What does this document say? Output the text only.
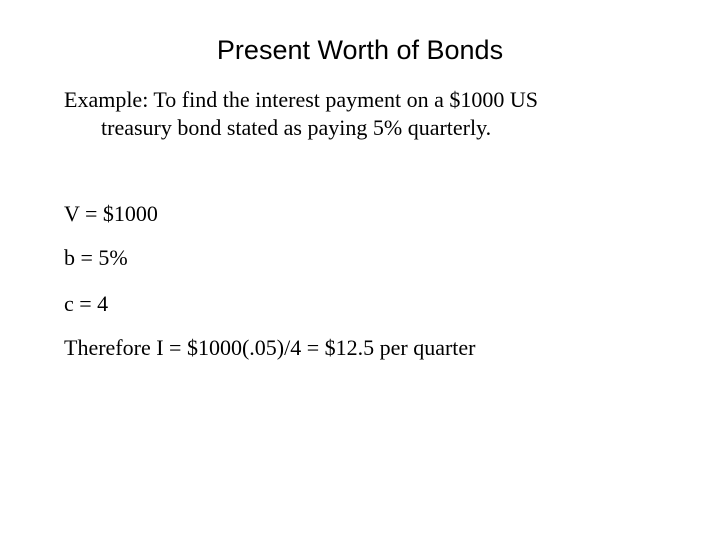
Present Worth of Bonds
Example: To find the interest payment on a $1000 US
treasury bond stated as paying 5% quarterly.
V = $1000
b = 5%
c = 4
Therefore I = $1000(.05)/4 = $12.5 per quarter
